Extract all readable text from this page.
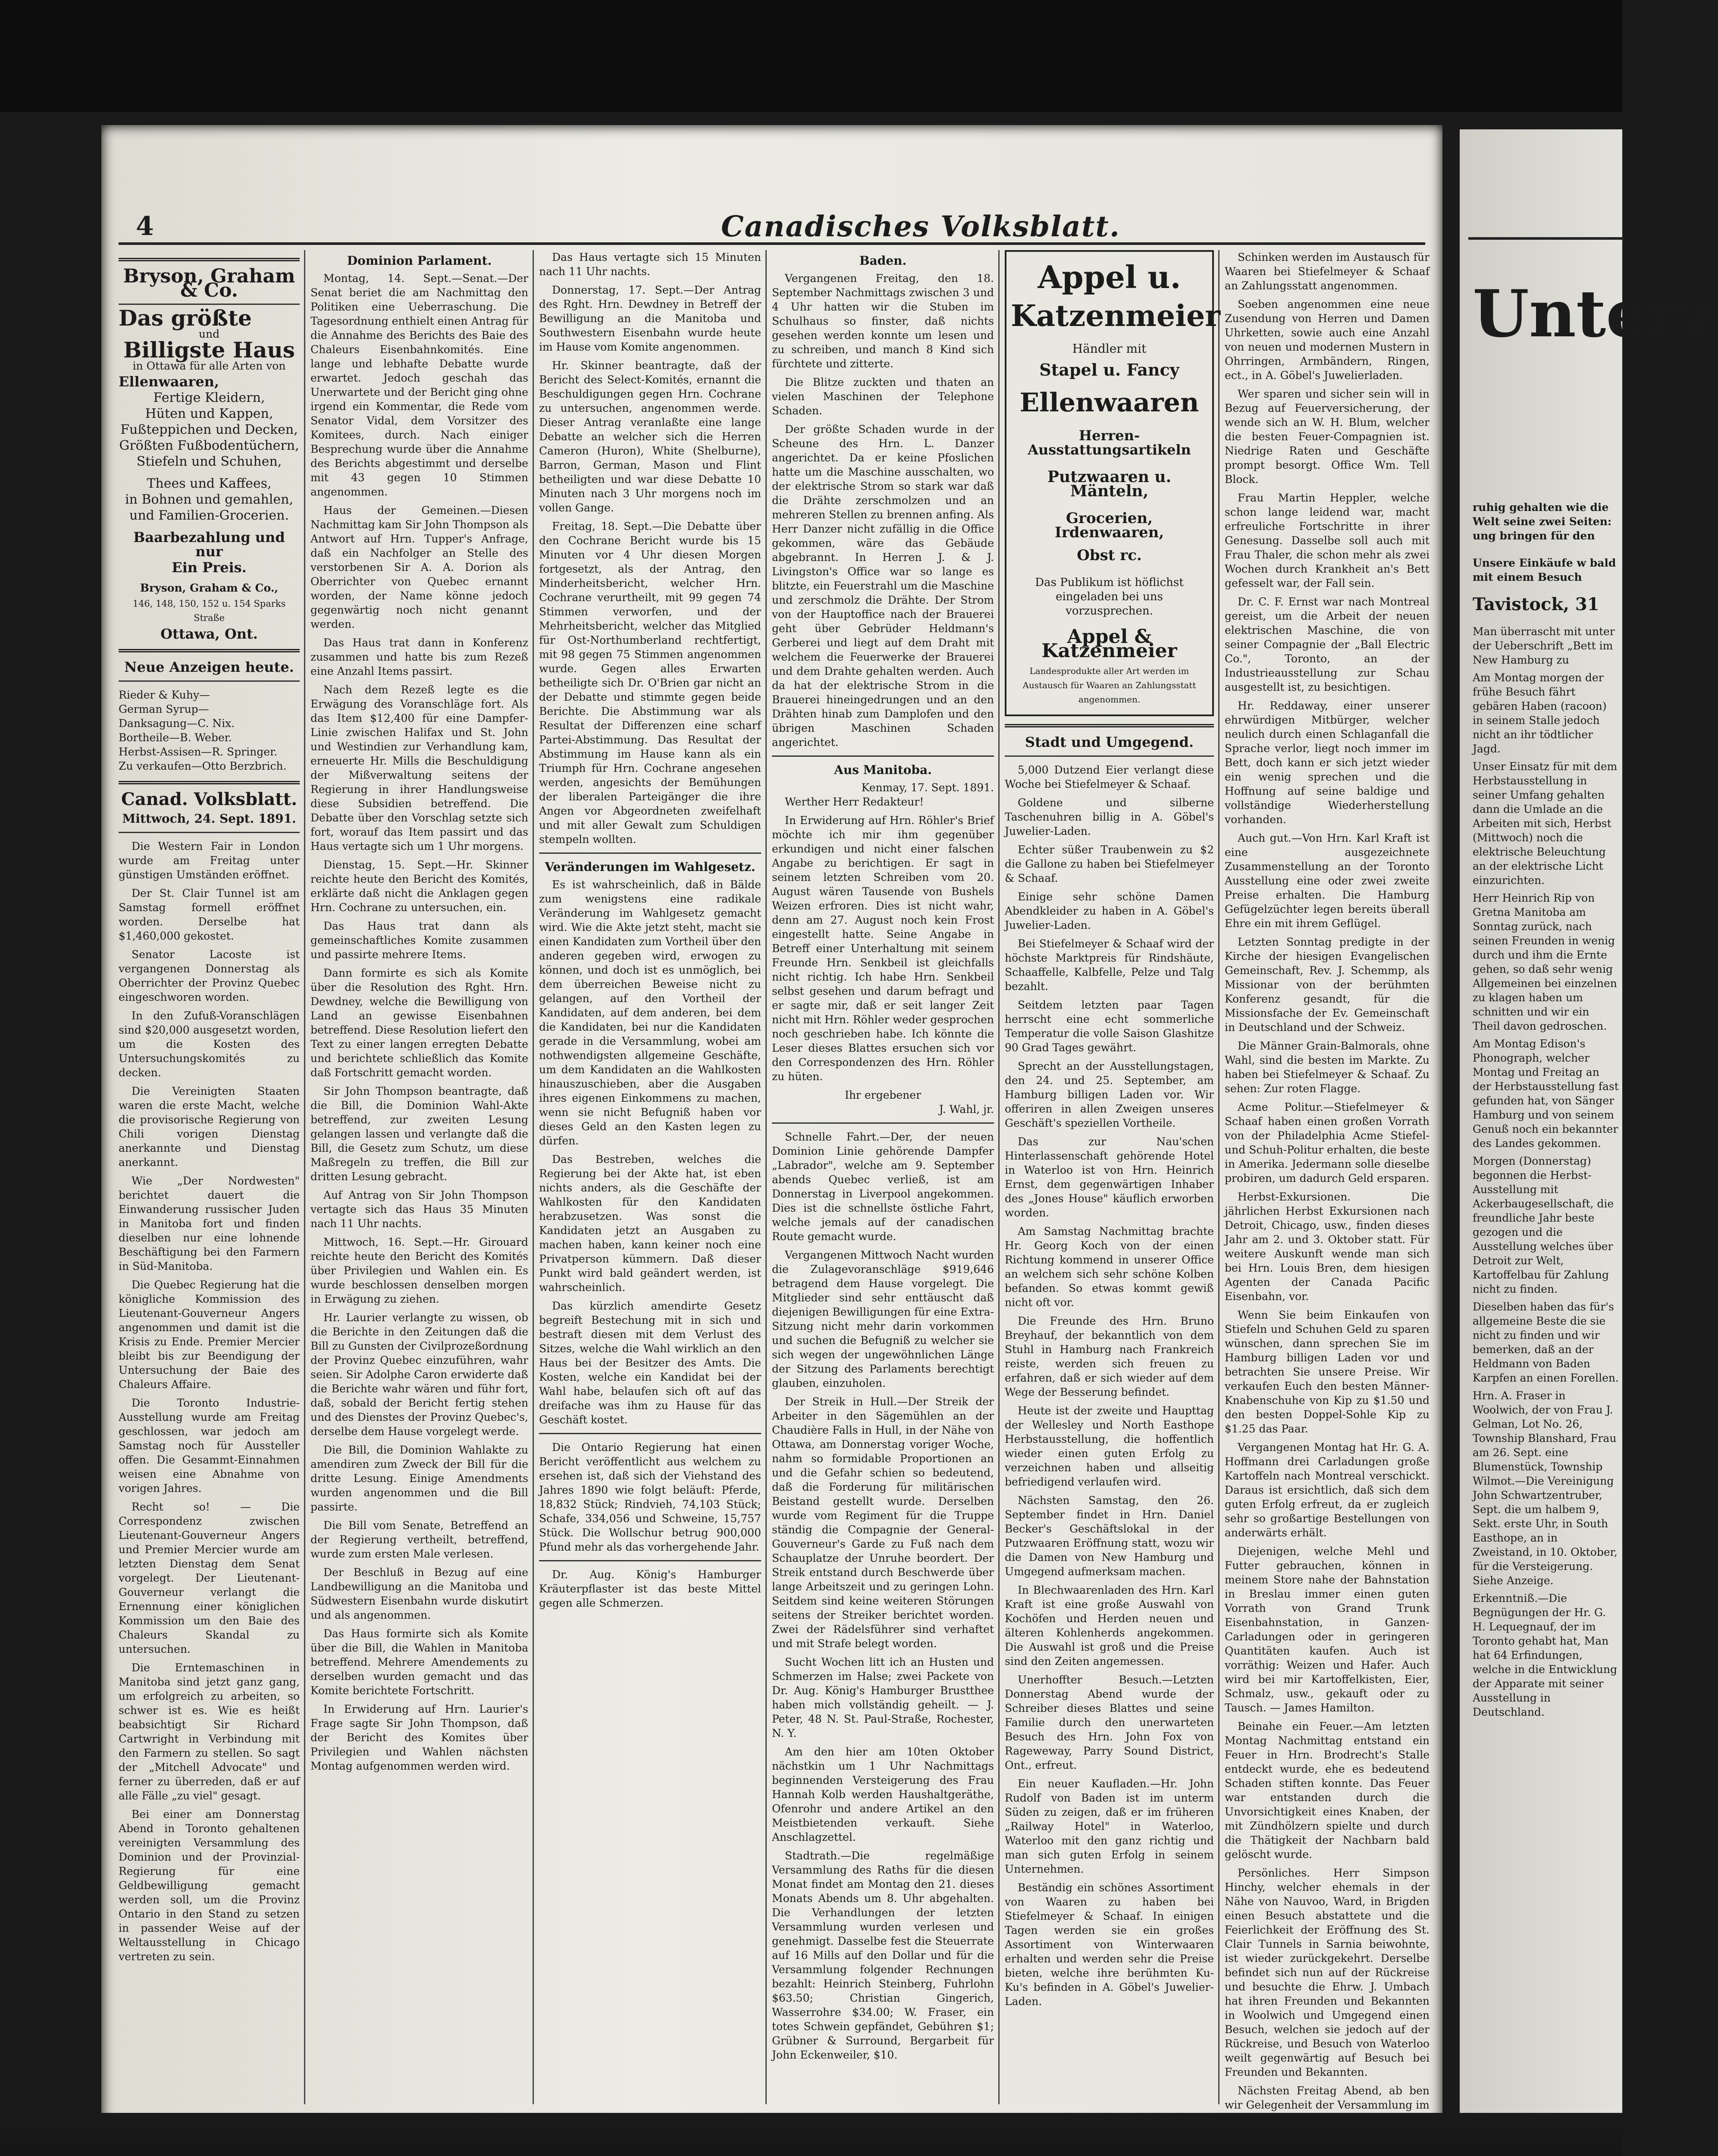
4	Canadisches Volksblatt.
Bryson, Graham & Co.
Das größte
und
Billigste Haus
in Ottawa für alle Arten von
Ellenwaaren,
Fertige Kleidern,
Hüten und Kappen,
Fußteppichen und Decken,
Größten Fußbodentüchern,
Stiefeln und Schuhen,
Thees und Kaffees,
in Bohnen und gemahlen,
und Familien-Grocerien.
Baarbezahlung und nur
Ein Preis.
Bryson, Graham & Co.,
146, 148, 150, 152 u. 154 Sparks Straße
Ottawa, Ont.
Neue Anzeigen heute.
Rieder & Kuhy—
German Syrup—
Danksagung—C. Nix.
Bortheile—B. Weber.
Herbst-Assisen—R. Springer.
Zu verkaufen—Otto Berzbrich.
Canad. Volksblatt.
Mittwoch, 24. Sept. 1891.

Die Western Fair in London wurde am Freitag unter günstigen Umständen eröffnet.

Der St. Clair Tunnel ist am Samstag formell eröffnet worden. Derselbe hat $1,460,000 gekostet.

Senator Lacoste ist vergangenen Donnerstag als Oberrichter der Provinz Quebec eingeschworen worden.

In den Zufuß-Voranschlägen sind $20,000 ausgesetzt worden, um die Kosten des Untersuchungskomités zu decken.

Die Vereinigten Staaten waren die erste Macht, welche die provisorische Regierung von Chili vorigen Dienstag anerkannte und Dienstag anerkannt.

Wie „Der Nordwesten" berichtet dauert die Einwanderung russischer Juden in Manitoba fort und finden dieselben nur eine lohnende Beschäftigung bei den Farmern in Süd-Manitoba.

Die Quebec Regierung hat die königliche Kommission des Lieutenant-Gouverneur Angers angenommen und damit ist die Krisis zu Ende. Premier Mercier bleibt bis zur Beendigung der Untersuchung der Baie des Chaleurs Affaire.

Die Toronto Industrie-Ausstellung wurde am Freitag geschlossen, war jedoch am Samstag noch für Aussteller offen. Die Gesammt-Einnahmen weisen eine Abnahme von vorigen Jahres.

Recht so! — Die Correspondenz zwischen Lieutenant-Gouverneur Angers und Premier Mercier wurde am letzten Dienstag dem Senat vorgelegt. Der Lieutenant-Gouverneur verlangt die Ernennung einer königlichen Kommission um den Baie des Chaleurs Skandal zu untersuchen.

Die Erntemaschinen in Manitoba sind jetzt ganz gang, um erfolgreich zu arbeiten, so schwer ist es. Wie es heißt beabsichtigt Sir Richard Cartwright in Verbindung mit den Farmern zu stellen. So sagt der „Mitchell Advocate" und ferner zu überreden, daß er auf alle Fälle „zu viel" gesagt.

Bei einer am Donnerstag Abend in Toronto gehaltenen vereinigten Versammlung des Dominion und der Provinzial-Regierung für eine Geldbewilligung gemacht werden soll, um die Provinz Ontario in den Stand zu setzen in passender Weise auf der Weltausstellung in Chicago vertreten zu sein.

Dominion Parlament.

Montag, 14. Sept.—Senat.—Der Senat beriet die am Nachmittag den Politiken eine Ueberraschung. Die Tagesordnung enthielt einen Antrag für die Annahme des Berichts des Baie des Chaleurs Eisenbahnkomités. Eine lange und lebhafte Debatte wurde erwartet. Jedoch geschah das Unerwartete und der Bericht ging ohne irgend ein Kommentar, die Rede vom Senator Vidal, dem Vorsitzer des Komitees, durch. Nach einiger Besprechung wurde über die Annahme des Berichts abgestimmt und derselbe mit 43 gegen 10 Stimmen angenommen.

Haus der Gemeinen.—Diesen Nachmittag kam Sir John Thompson als Antwort auf Hrn. Tupper's Anfrage, daß ein Nachfolger an Stelle des verstorbenen Sir A. A. Dorion als Oberrichter von Quebec ernannt worden, der Name könne jedoch gegenwärtig noch nicht genannt werden.

Das Haus trat dann in Konferenz zusammen und hatte bis zum Rezeß eine Anzahl Items passirt.

Nach dem Rezeß legte es die Erwägung des Voranschläge fort. Als das Item $12,400 für eine Dampfer-Linie zwischen Halifax und St. John und Westindien zur Verhandlung kam, erneuerte Hr. Mills die Beschuldigung der Mißverwaltung seitens der Regierung in ihrer Handlungsweise diese Subsidien betreffend. Die Debatte über den Vorschlag setzte sich fort, worauf das Item passirt und das Haus vertagte sich um 1 Uhr morgens.

Dienstag, 15. Sept.—Hr. Skinner reichte heute den Bericht des Komités, erklärte daß nicht die Anklagen gegen Hrn. Cochrane zu untersuchen, ein.

Das Haus trat dann als gemeinschaftliches Komite zusammen und passirte mehrere Items.

Dann formirte es sich als Komite über die Resolution des Rght. Hrn. Dewdney, welche die Bewilligung von Land an gewisse Eisenbahnen betreffend. Diese Resolution liefert den Text zu einer langen erregten Debatte und berichtete schließlich das Komite daß Fortschritt gemacht worden.

Sir John Thompson beantragte, daß die Bill, die Dominion Wahl-Akte betreffend, zur zweiten Lesung gelangen lassen und verlangte daß die Bill, die Gesetz zum Schutz, um diese Maßregeln zu treffen, die Bill zur dritten Lesung gebracht.

Auf Antrag von Sir John Thompson vertagte sich das Haus 35 Minuten nach 11 Uhr nachts.

Mittwoch, 16. Sept.—Hr. Girouard reichte heute den Bericht des Komités über Privilegien und Wahlen ein. Es wurde beschlossen denselben morgen in Erwägung zu ziehen.

Hr. Laurier verlangte zu wissen, ob die Berichte in den Zeitungen daß die Bill zu Gunsten der Civilprozeßordnung der Provinz Quebec einzuführen, wahr seien. Sir Adolphe Caron erwiderte daß die Berichte wahr wären und führ fort, daß, sobald der Bericht fertig stehen und des Dienstes der Provinz Quebec's, derselbe dem Hause vorgelegt werde.

Die Bill, die Dominion Wahlakte zu amendiren zum Zweck der Bill für die dritte Lesung. Einige Amendments wurden angenommen und die Bill passirte.

Die Bill vom Senate, Betreffend an der Regierung vertheilt, betreffend, wurde zum ersten Male verlesen.

Der Beschluß in Bezug auf eine Landbewilligung an die Manitoba und Südwestern Eisenbahn wurde diskutirt und als angenommen.

Das Haus formirte sich als Komite über die Bill, die Wahlen in Manitoba betreffend. Mehrere Amendements zu derselben wurden gemacht und das Komite berichtete Fortschritt.

In Erwiderung auf Hrn. Laurier's Frage sagte Sir John Thompson, daß der Bericht des Komites über Privilegien und Wahlen nächsten Montag aufgenommen werden wird.

Das Haus vertagte sich 15 Minuten nach 11 Uhr nachts.

Donnerstag, 17. Sept.—Der Antrag des Rght. Hrn. Dewdney in Betreff der Bewilligung an die Manitoba und Southwestern Eisenbahn wurde heute im Hause vom Komite angenommen.

Hr. Skinner beantragte, daß der Bericht des Select-Komités, ernannt die Beschuldigungen gegen Hrn. Cochrane zu untersuchen, angenommen werde. Dieser Antrag veranlaßte eine lange Debatte an welcher sich die Herren Cameron (Huron), White (Shelburne), Barron, German, Mason und Flint betheiligten und war diese Debatte 10 Minuten nach 3 Uhr morgens noch im vollen Gange.

Freitag, 18. Sept.—Die Debatte über den Cochrane Bericht wurde bis 15 Minuten vor 4 Uhr diesen Morgen fortgesetzt, als der Antrag, den Minderheitsbericht, welcher Hrn. Cochrane verurtheilt, mit 99 gegen 74 Stimmen verworfen, und der Mehrheitsbericht, welcher das Mitglied für Ost-Northumberland rechtfertigt, mit 98 gegen 75 Stimmen angenommen wurde. Gegen alles Erwarten betheiligte sich Dr. O'Brien gar nicht an der Debatte und stimmte gegen beide Berichte. Die Abstimmung war als Resultat der Differenzen eine scharf Partei-Abstimmung. Das Resultat der Abstimmung im Hause kann als ein Triumph für Hrn. Cochrane angesehen werden, angesichts der Bemühungen der liberalen Parteigänger die ihre Angen vor Abgeordneten zweifelhaft und mit aller Gewalt zum Schuldigen stempeln wollten.

Veränderungen im Wahlgesetz.

Es ist wahrscheinlich, daß in Bälde zum wenigstens eine radikale Veränderung im Wahlgesetz gemacht wird. Wie die Akte jetzt steht, macht sie einen Kandidaten zum Vortheil über den anderen gegeben wird, erwogen zu können, und doch ist es unmöglich, bei dem überreichen Beweise nicht zu gelangen, auf den Vortheil der Kandidaten, auf dem anderen, bei dem die Kandidaten, bei nur die Kandidaten gerade in die Versammlung, wobei am nothwendigsten allgemeine Geschäfte, um dem Kandidaten an die Wahlkosten hinauszuschieben, aber die Ausgaben ihres eigenen Einkommens zu machen, wenn sie nicht Befugniß haben vor dieses Geld an den Kasten legen zu dürfen.

Das Bestreben, welches die Regierung bei der Akte hat, ist eben nichts anders, als die Geschäfte der Wahlkosten für den Kandidaten herabzusetzen. Was sonst die Kandidaten jetzt an Ausgaben zu machen haben, kann keiner noch eine Privatperson kümmern. Daß dieser Punkt wird bald geändert werden, ist wahrscheinlich.

Das kürzlich amendirte Gesetz begreift Bestechung mit in sich und bestraft diesen mit dem Verlust des Sitzes, welche die Wahl wirklich an den Haus bei der Besitzer des Amts. Die Kosten, welche ein Kandidat bei der Wahl habe, belaufen sich oft auf das dreifache was ihm zu Hause für das Geschäft kostet.

Die Ontario Regierung hat einen Bericht veröffentlicht aus welchem zu ersehen ist, daß sich der Viehstand des Jahres 1890 wie folgt beläuft: Pferde, 18,832 Stück; Rindvieh, 74,103 Stück; Schafe, 334,056 und Schweine, 15,757 Stück. Die Wollschur betrug 900,000 Pfund mehr als das vorhergehende Jahr.

Dr. Aug. König's Hamburger Kräuterpflaster ist das beste Mittel gegen alle Schmerzen.

Baden.

Vergangenen Freitag, den 18. September Nachmittags zwischen 3 und 4 Uhr hatten wir die Stuben im Schulhaus so finster, daß nichts gesehen werden konnte um lesen und zu schreiben, und manch 8 Kind sich fürchtete und zitterte.

Die Blitze zuckten und thaten an vielen Maschinen der Telephone Schaden.

Der größte Schaden wurde in der Scheune des Hrn. L. Danzer angerichtet. Da er keine Pfoslichen hatte um die Maschine ausschalten, wo der elektrische Strom so stark war daß die Drähte zerschmolzen und an mehreren Stellen zu brennen anfing. Als Herr Danzer nicht zufällig in die Office gekommen, wäre das Gebäude abgebrannt. In Herren J. & J. Livingston's Office war so lange es blitzte, ein Feuerstrahl um die Maschine und zerschmolz die Drähte. Der Strom von der Hauptoffice nach der Brauerei geht über Gebrüder Heldmann's Gerberei und liegt auf dem Draht mit welchem die Feuerwerke der Brauerei und dem Drahte gehalten werden. Auch da hat der elektrische Strom in die Brauerei hineingedrungen und an den Drähten hinab zum Damplofen und den übrigen Maschinen Schaden angerichtet.

Aus Manitoba.
Kenmay, 17. Sept. 1891.

Werther Herr Redakteur!

In Erwiderung auf Hrn. Röhler's Brief möchte ich mir ihm gegenüber erkundigen und nicht einer falschen Angabe zu berichtigen. Er sagt in seinem letzten Schreiben vom 20. August wären Tausende von Bushels Weizen erfroren. Dies ist nicht wahr, denn am 27. August noch kein Frost eingestellt hatte. Seine Angabe in Betreff einer Unterhaltung mit seinem Freunde Hrn. Senkbeil ist gleichfalls nicht richtig. Ich habe Hrn. Senkbeil selbst gesehen und darum befragt und er sagte mir, daß er seit langer Zeit nicht mit Hrn. Röhler weder gesprochen noch geschrieben habe. Ich könnte die Leser dieses Blattes ersuchen sich vor den Correspondenzen des Hrn. Röhler zu hüten.

Ihr ergebener
J. Wahl, jr.

Schnelle Fahrt.—Der, der neuen Dominion Linie gehörende Dampfer „Labrador", welche am 9. September abends Quebec verließ, ist am Donnerstag in Liverpool angekommen. Dies ist die schnellste östliche Fahrt, welche jemals auf der canadischen Route gemacht wurde.

Vergangenen Mittwoch Nacht wurden die Zulagevoranschläge $919,646 betragend dem Hause vorgelegt. Die Mitglieder sind sehr enttäuscht daß diejenigen Bewilligungen für eine Extra-Sitzung nicht mehr darin vorkommen und suchen die Befugniß zu welcher sie sich wegen der ungewöhnlichen Länge der Sitzung des Parlaments berechtigt glauben, einzuholen.

Der Streik in Hull.—Der Streik der Arbeiter in den Sägemühlen an der Chaudière Falls in Hull, in der Nähe von Ottawa, am Donnerstag voriger Woche, nahm so formidable Proportionen an und die Gefahr schien so bedeutend, daß die Forderung für militärischen Beistand gestellt wurde. Derselben wurde vom Regiment für die Truppe ständig die Compagnie der General-Gouverneur's Garde zu Fuß nach dem Schauplatze der Unruhe beordert. Der Streik entstand durch Beschwerde über lange Arbeitszeit und zu geringen Lohn. Seitdem sind keine weiteren Störungen seitens der Streiker berichtet worden. Zwei der Rädelsführer sind verhaftet und mit Strafe belegt worden.

Sucht Wochen litt ich an Husten und Schmerzen im Halse; zwei Packete von Dr. Aug. König's Hamburger Brustthee haben mich vollständig geheilt. — J. Peter, 48 N. St. Paul-Straße, Rochester, N. Y.

Am den hier am 10ten Oktober nächstkin um 1 Uhr Nachmittags beginnenden Versteigerung des Frau Hannah Kolb werden Haushaltgeräthe, Ofenrohr und andere Artikel an den Meistbietenden verkauft. Siehe Anschlagzettel.

Stadtrath.—Die regelmäßige Versammlung des Raths für die diesen Monat findet am Montag den 21. dieses Monats Abends um 8. Uhr abgehalten. Die Verhandlungen der letzten Versammlung wurden verlesen und genehmigt. Dasselbe fest die Steuerrate auf 16 Mills auf den Dollar und für die Versammlung folgender Rechnungen bezahlt: Heinrich Steinberg, Fuhrlohn $63.50; Christian Gingerich, Wasserrohre $34.00; W. Fraser, ein totes Schwein gepfändet, Gebühren $1; Grübner & Surround, Bergarbeit für John Eckenweiler, $10.

Appel u.
Katzenmeier
Händler mit
Stapel u. Fancy
Ellenwaaren
Herren-Ausstattungsartikeln
Putzwaaren u. Mänteln,
Grocerien, Irdenwaaren,
Obst rc.
Das Publikum ist höflichst eingeladen bei uns vorzusprechen.
Appel & Katzenmeier
Landesprodukte aller Art werden im Austausch für Waaren an Zahlungsstatt angenommen.
Stadt und Umgegend.

5,000 Dutzend Eier verlangt diese Woche bei Stiefelmeyer & Schaaf.

Goldene und silberne Taschenuhren billig in A. Göbel's Juwelier-Laden.

Echter süßer Traubenwein zu $2 die Gallone zu haben bei Stiefelmeyer & Schaaf.

Einige sehr schöne Damen Abendkleider zu haben in A. Göbel's Juwelier-Laden.

Bei Stiefelmeyer & Schaaf wird der höchste Marktpreis für Rindshäute, Schaaffelle, Kalbfelle, Pelze und Talg bezahlt.

Seitdem letzten paar Tagen herrscht eine echt sommerliche Temperatur die volle Saison Glashitze 90 Grad Tages gewährt.

Sprecht an der Ausstellungstagen, den 24. und 25. September, am Hamburg billigen Laden vor. Wir offeriren in allen Zweigen unseres Geschäft's speziellen Vortheile.

Das zur Nau'schen Hinterlassenschaft gehörende Hotel in Waterloo ist von Hrn. Heinrich Ernst, dem gegenwärtigen Inhaber des „Jones House" käuflich erworben worden.

Am Samstag Nachmittag brachte Hr. Georg Koch von der einen Richtung kommend in unserer Office an welchem sich sehr schöne Kolben befanden. So etwas kommt gewiß nicht oft vor.

Die Freunde des Hrn. Bruno Breyhauf, der bekanntlich von dem Stuhl in Hamburg nach Frankreich reiste, werden sich freuen zu erfahren, daß er sich wieder auf dem Wege der Besserung befindet.

Heute ist der zweite und Haupttag der Wellesley und North Easthope Herbstausstellung, die hoffentlich wieder einen guten Erfolg zu verzeichnen haben und allseitig befriedigend verlaufen wird.

Nächsten Samstag, den 26. September findet in Hrn. Daniel Becker's Geschäftslokal in der Putzwaaren Eröffnung statt, wozu wir die Damen von New Hamburg und Umgegend aufmerksam machen.

In Blechwaarenladen des Hrn. Karl Kraft ist eine große Auswahl von Kochöfen und Herden neuen und älteren Kohlenherds angekommen. Die Auswahl ist groß und die Preise sind den Zeiten angemessen.

Unerhoffter Besuch.—Letzten Donnerstag Abend wurde der Schreiber dieses Blattes und seine Familie durch den unerwarteten Besuch des Hrn. John Fox von Rageweway, Parry Sound District, Ont., erfreut.

Ein neuer Kaufladen.—Hr. John Rudolf von Baden ist im unterm Süden zu zeigen, daß er im früheren „Railway Hotel" in Waterloo, Waterloo mit den ganz richtig und man sich guten Erfolg in seinem Unternehmen.

Beständig ein schönes Assortiment von Waaren zu haben bei Stiefelmeyer & Schaaf. In einigen Tagen werden sie ein großes Assortiment von Winterwaaren erhalten und werden sehr die Preise bieten, welche ihre berühmten Ku-Ku's befinden in A. Göbel's Juwelier-Laden.

Schinken werden im Austausch für Waaren bei Stiefelmeyer & Schaaf an Zahlungsstatt angenommen.

Soeben angenommen eine neue Zusendung von Herren und Damen Uhrketten, sowie auch eine Anzahl von neuen und modernen Mustern in Ohrringen, Armbändern, Ringen, ect., in A. Göbel's Juwelierladen.

Wer sparen und sicher sein will in Bezug auf Feuerversicherung, der wende sich an W. H. Blum, welcher die besten Feuer-Compagnien ist. Niedrige Raten und Geschäfte prompt besorgt. Office Wm. Tell Block.

Frau Martin Heppler, welche schon lange leidend war, macht erfreuliche Fortschritte in ihrer Genesung. Dasselbe soll auch mit Frau Thaler, die schon mehr als zwei Wochen durch Krankheit an's Bett gefesselt war, der Fall sein.

Dr. C. F. Ernst war nach Montreal gereist, um die Arbeit der neuen elektrischen Maschine, die von seiner Compagnie der „Ball Electric Co.", Toronto, an der Industrieausstellung zur Schau ausgestellt ist, zu besichtigen.

Hr. Reddaway, einer unserer ehrwürdigen Mitbürger, welcher neulich durch einen Schlaganfall die Sprache verlor, liegt noch immer im Bett, doch kann er sich jetzt wieder ein wenig sprechen und die Hoffnung auf seine baldige und vollständige Wiederherstellung vorhanden.

Auch gut.—Von Hrn. Karl Kraft ist eine ausgezeichnete Zusammenstellung an der Toronto Ausstellung eine oder zwei zweite Preise erhalten. Die Hamburg Gefügelzüchter legen bereits überall Ehre ein mit ihrem Geflügel.

Letzten Sonntag predigte in der Kirche der hiesigen Evangelischen Gemeinschaft, Rev. J. Schemmp, als Missionar von der berühmten Konferenz gesandt, für die Missionsfache der Ev. Gemeinschaft in Deutschland und der Schweiz.

Die Männer Grain-Balmorals, ohne Wahl, sind die besten im Markte. Zu haben bei Stiefelmeyer & Schaaf. Zu sehen: Zur roten Flagge.

Acme Politur.—Stiefelmeyer & Schaaf haben einen großen Vorrath von der Philadelphia Acme Stiefel- und Schuh-Politur erhalten, die beste in Amerika. Jedermann solle dieselbe probiren, um dadurch Geld ersparen.

Herbst-Exkursionen. Die jährlichen Herbst Exkursionen nach Detroit, Chicago, usw., finden dieses Jahr am 2. und 3. Oktober statt. Für weitere Auskunft wende man sich bei Hrn. Louis Bren, dem hiesigen Agenten der Canada Pacific Eisenbahn, vor.

Wenn Sie beim Einkaufen von Stiefeln und Schuhen Geld zu sparen wünschen, dann sprechen Sie im Hamburg billigen Laden vor und betrachten Sie unsere Preise. Wir verkaufen Euch den besten Männer-Knabenschuhe von Kip zu $1.50 und den besten Doppel-Sohle Kip zu $1.25 das Paar.

Vergangenen Montag hat Hr. G. A. Hoffmann drei Carladungen große Kartoffeln nach Montreal verschickt. Daraus ist ersichtlich, daß sich dem guten Erfolg erfreut, da er zugleich sehr so großartige Bestellungen von anderwärts erhält.

Diejenigen, welche Mehl und Futter gebrauchen, können in meinem Store nahe der Bahnstation in Breslau immer einen guten Vorrath von Grand Trunk Eisenbahnstation, in Ganzen-Carladungen oder in geringeren Quantitäten kaufen. Auch ist vorräthig: Weizen und Hafer. Auch wird bei mir Kartoffelkisten, Eier, Schmalz, usw., gekauft oder zu Tausch. — James Hamilton.

Beinahe ein Feuer.—Am letzten Montag Nachmittag entstand ein Feuer in Hrn. Brodrecht's Stalle entdeckt wurde, ehe es bedeutend Schaden stiften konnte. Das Feuer war entstanden durch die Unvorsichtigkeit eines Knaben, der mit Zündhölzern spielte und durch die Thätigkeit der Nachbarn bald gelöscht wurde.

Persönliches. Herr Simpson Hinchy, welcher ehemals in der Nähe von Nauvoo, Ward, in Brigden einen Besuch abstattete und die Feierlichkeit der Eröffnung des St. Clair Tunnels in Sarnia beiwohnte, ist wieder zurückgekehrt. Derselbe befindet sich nun auf der Rückreise und besuchte die Ehrw. J. Umbach hat ihren Freunden und Bekannten in Woolwich und Umgegend einen Besuch, welchen sie jedoch auf der Rückreise, und Besuch von Waterloo weilt gegenwärtig auf Besuch bei Freunden und Bekannten.

Nächsten Freitag Abend, ab ben wir Gelegenheit der Versammlung im

Unterz

ruhig gehalten wie die Welt seine zwei Seiten: ung bringen für den

Unsere Einkäufe w bald mit einem Besuch

Tavistock, 31

Man überrascht mit unter der Ueberschrift „Bett im New Hamburg zu

Am Montag morgen der frühe Besuch fährt gebären Haben (racoon) in seinem Stalle jedoch nicht an ihr tödtlicher Jagd.

Unser Einsatz für mit dem Herbstausstellung in seiner Umfang gehalten dann die Umlade an die Arbeiten mit sich, Herbst (Mittwoch) noch die elektrische Beleuchtung an der elektrische Licht einzurichten.

Herr Heinrich Rip von Gretna Manitoba am Sonntag zurück, nach seinen Freunden in wenig durch und ihm die Ernte gehen, so daß sehr wenig Allgemeinen bei einzelnen zu klagen haben um schnitten und wir ein Theil davon gedroschen.

Am Montag Edison's Phonograph, welcher Montag und Freitag an der Herbstausstellung fast gefunden hat, von Sänger Hamburg und von seinem Genuß noch ein bekannter des Landes gekommen.

Morgen (Donnerstag) begonnen die Herbst-Ausstellung mit Ackerbaugesellschaft, die freundliche Jahr beste gezogen und die Ausstellung welches über Detroit zur Welt, Kartoffelbau für Zahlung nicht zu finden.

Dieselben haben das für's allgemeine Beste die sie nicht zu finden und wir bemerken, daß an der Heldmann von Baden Karpfen an einen Forellen.

Hrn. A. Fraser in Woolwich, der von Frau J. Gelman, Lot No. 26, Township Blanshard, Frau am 26. Sept. eine Blumenstück, Township Wilmot.—Die Vereinigung John Schwartzentruber, Sept. die um halbem 9, Sekt. erste Uhr, in South Easthope, an in Zweistand, in 10. Oktober, für die Versteigerung. Siehe Anzeige.

Erkenntniß.—Die Begnügungen der Hr. G. H. Lequegnauf, der im Toronto gehabt hat, Man hat 64 Erfindungen, welche in die Entwicklung der Apparate mit seiner Ausstellung in Deutschland.
